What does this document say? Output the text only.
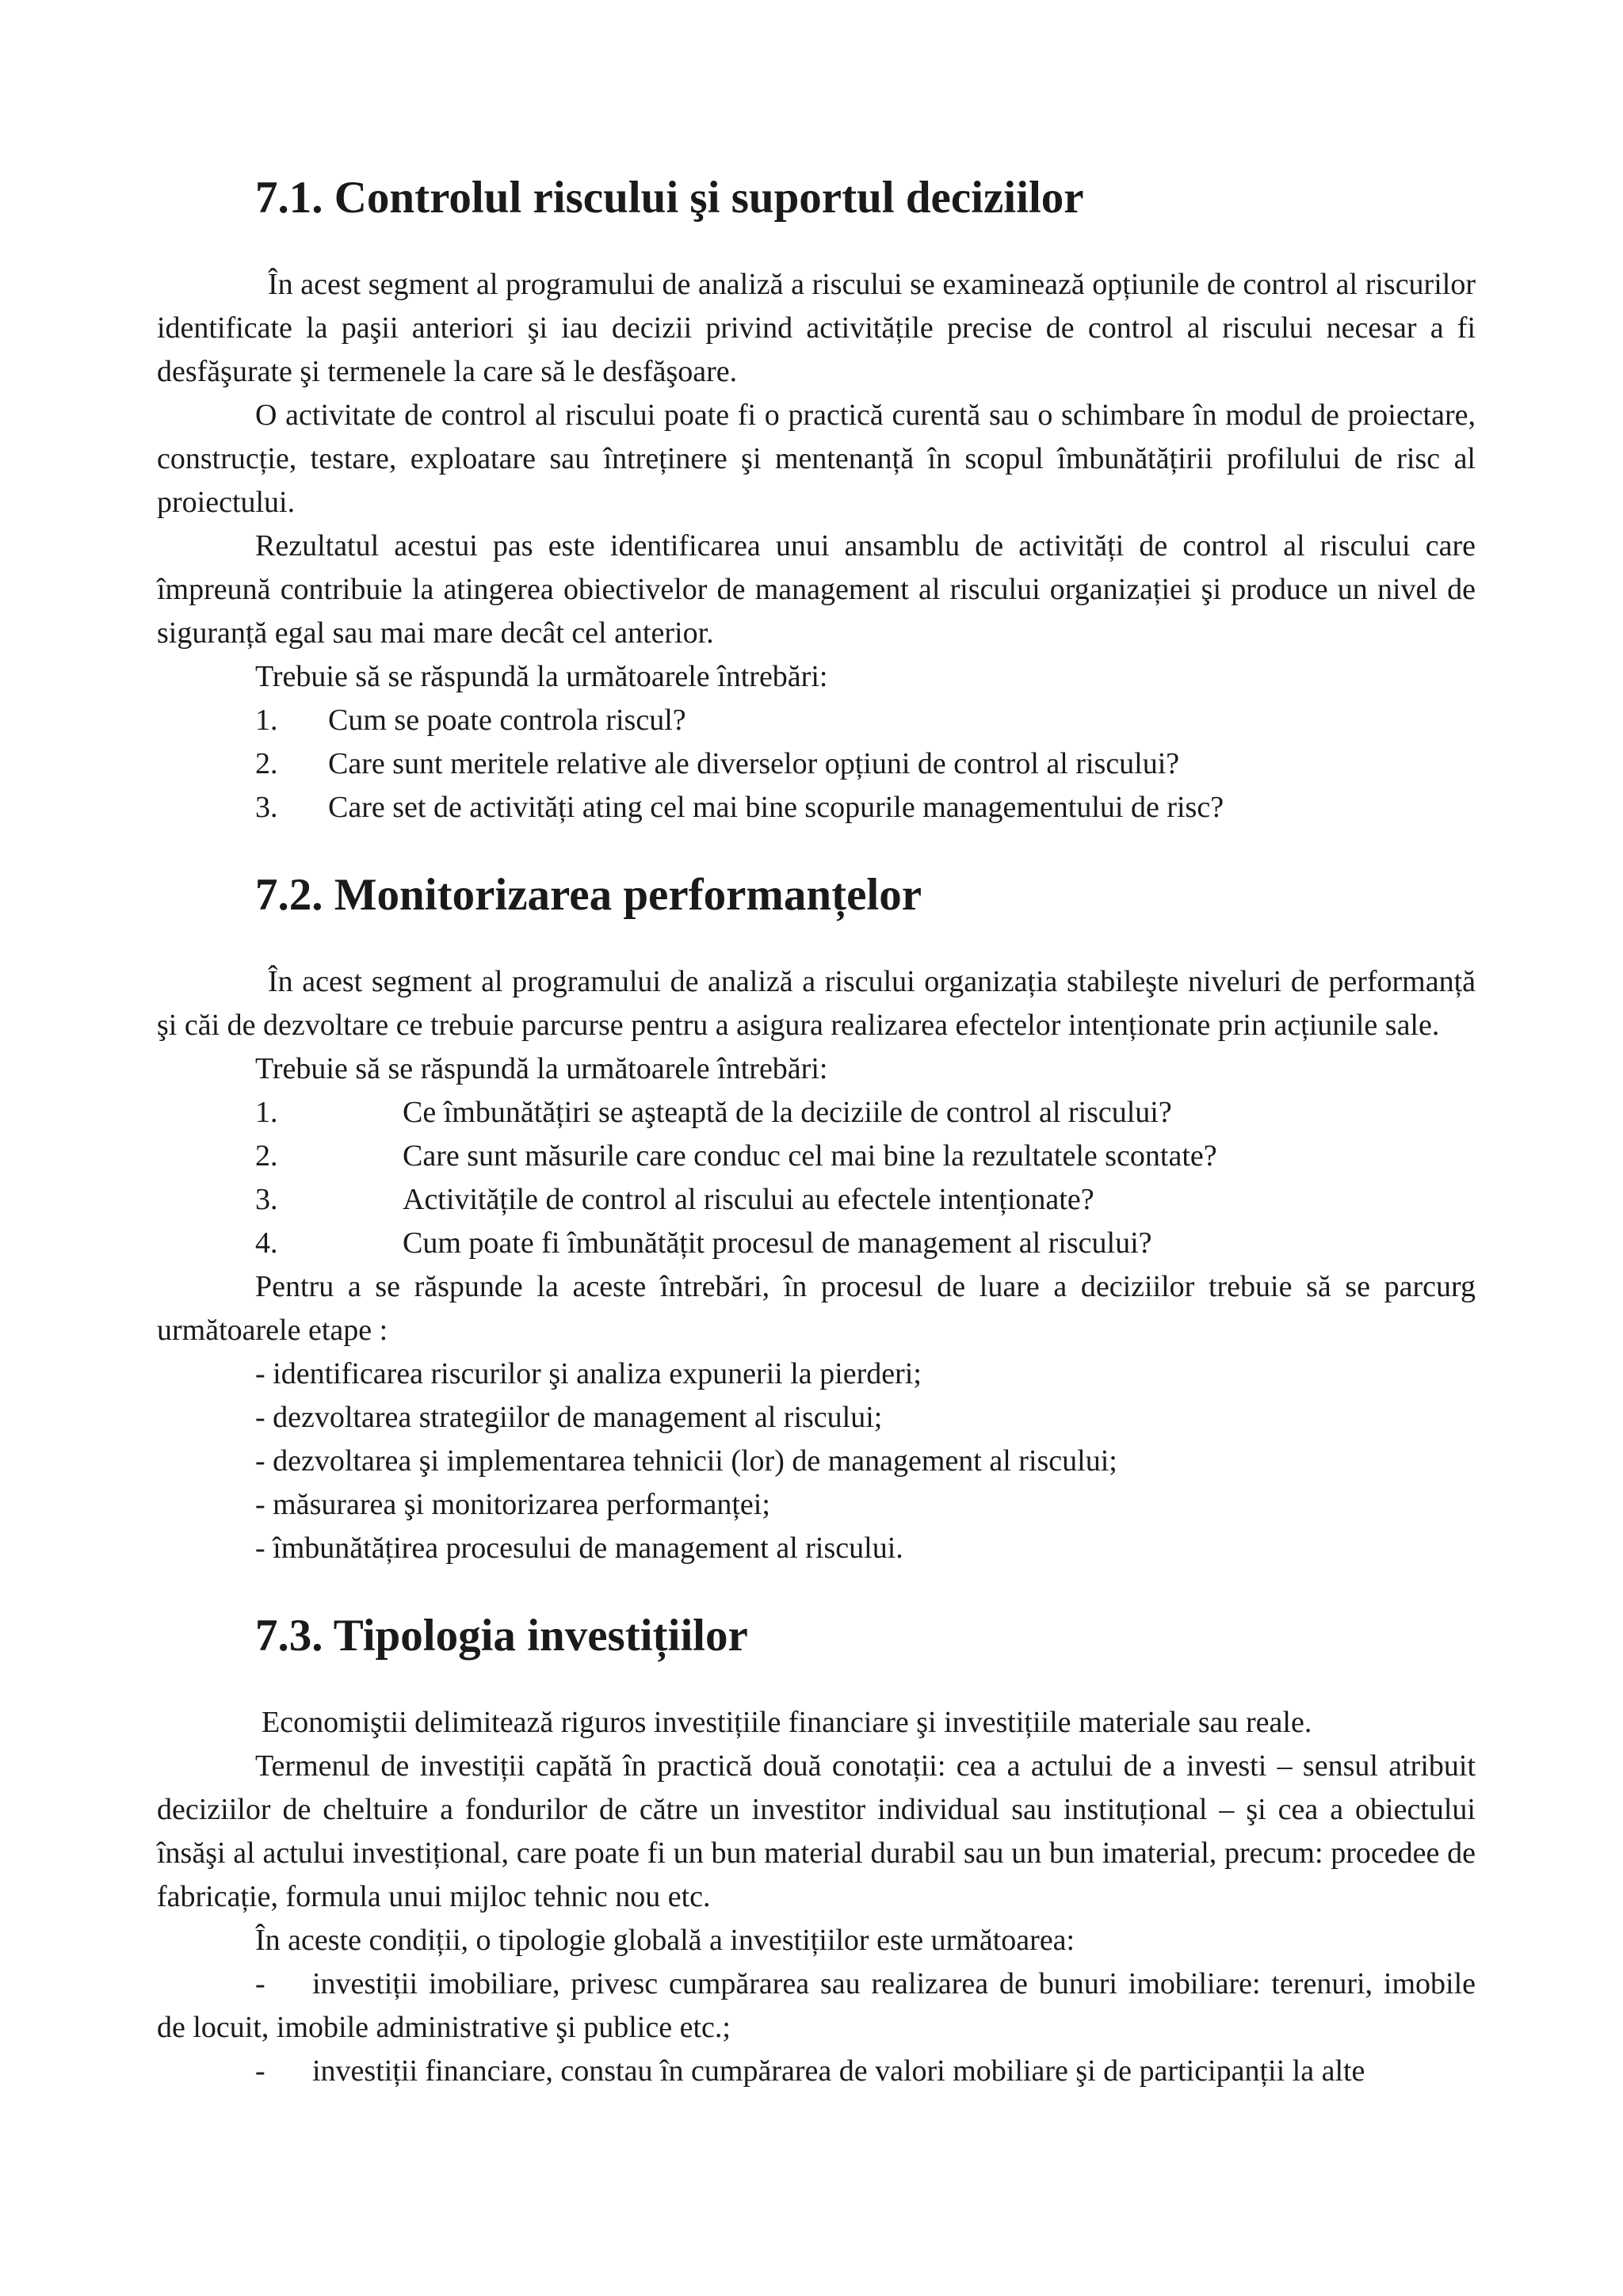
7.1. Controlul riscului şi suportul deciziilor

În acest segment al programului de analiză a riscului se examinează opțiunile de control al riscurilor identificate la paşii anteriori şi iau decizii privind activitățile precise de control al riscului necesar a fi desfăşurate şi termenele la care să le desfăşoare.

O activitate de control al riscului poate fi o practică curentă sau o schimbare în modul de proiectare, construcție, testare, exploatare sau întreținere şi mentenanță în scopul îmbunătățirii profilului de risc al proiectului.

Rezultatul acestui pas este identificarea unui ansamblu de activități de control al riscului care împreună contribuie la atingerea obiectivelor de management al riscului organizației şi produce un nivel de siguranță egal sau mai mare decât cel anterior.

Trebuie să se răspundă la următoarele întrebări:

1.	Cum se poate controla riscul?
2.	Care sunt meritele relative ale diverselor opțiuni de control al riscului?
3.	Care set de activități ating cel mai bine scopurile managementului de risc?
7.2. Monitorizarea performanțelor

În acest segment al programului de analiză a riscului organizația stabileşte niveluri de performanță şi căi de dezvoltare ce trebuie parcurse pentru a asigura realizarea efectelor intenționate prin acțiunile sale.

Trebuie să se răspundă la următoarele întrebări:

1.	Ce îmbunătățiri se aşteaptă de la deciziile de control al riscului?
2.	Care sunt măsurile care conduc cel mai bine la rezultatele scontate?
3.	Activitățile de control al riscului au efectele intenționate?
4.	Cum poate fi îmbunătățit procesul de management al riscului?

Pentru a se răspunde la aceste întrebări, în procesul de luare a deciziilor trebuie să se parcurg următoarele etape :

- identificarea riscurilor şi analiza expunerii la pierderi;
- dezvoltarea strategiilor de management al riscului;
- dezvoltarea şi implementarea tehnicii (lor) de management al riscului;
- măsurarea şi monitorizarea performanței;
- îmbunătățirea procesului de management al riscului.
7.3. Tipologia investițiilor

Economiştii delimitează riguros investițiile financiare şi investițiile materiale sau reale.

Termenul de investiții capătă în practică două conotații: cea a actului de a investi – sensul atribuit deciziilor de cheltuire a fondurilor de către un investitor individual sau instituțional – şi cea a obiectului însăşi al actului investițional, care poate fi un bun material durabil sau un bun imaterial, precum: procedee de fabricație, formula unui mijloc tehnic nou etc.

În aceste condiții, o tipologie globală a investițiilor este următoarea:

- investiții imobiliare, privesc cumpărarea sau realizarea de bunuri imobiliare: terenuri, imobile de locuit, imobile administrative şi publice etc.;

- investiții financiare, constau în cumpărarea de valori mobiliare şi de participanții la alte
